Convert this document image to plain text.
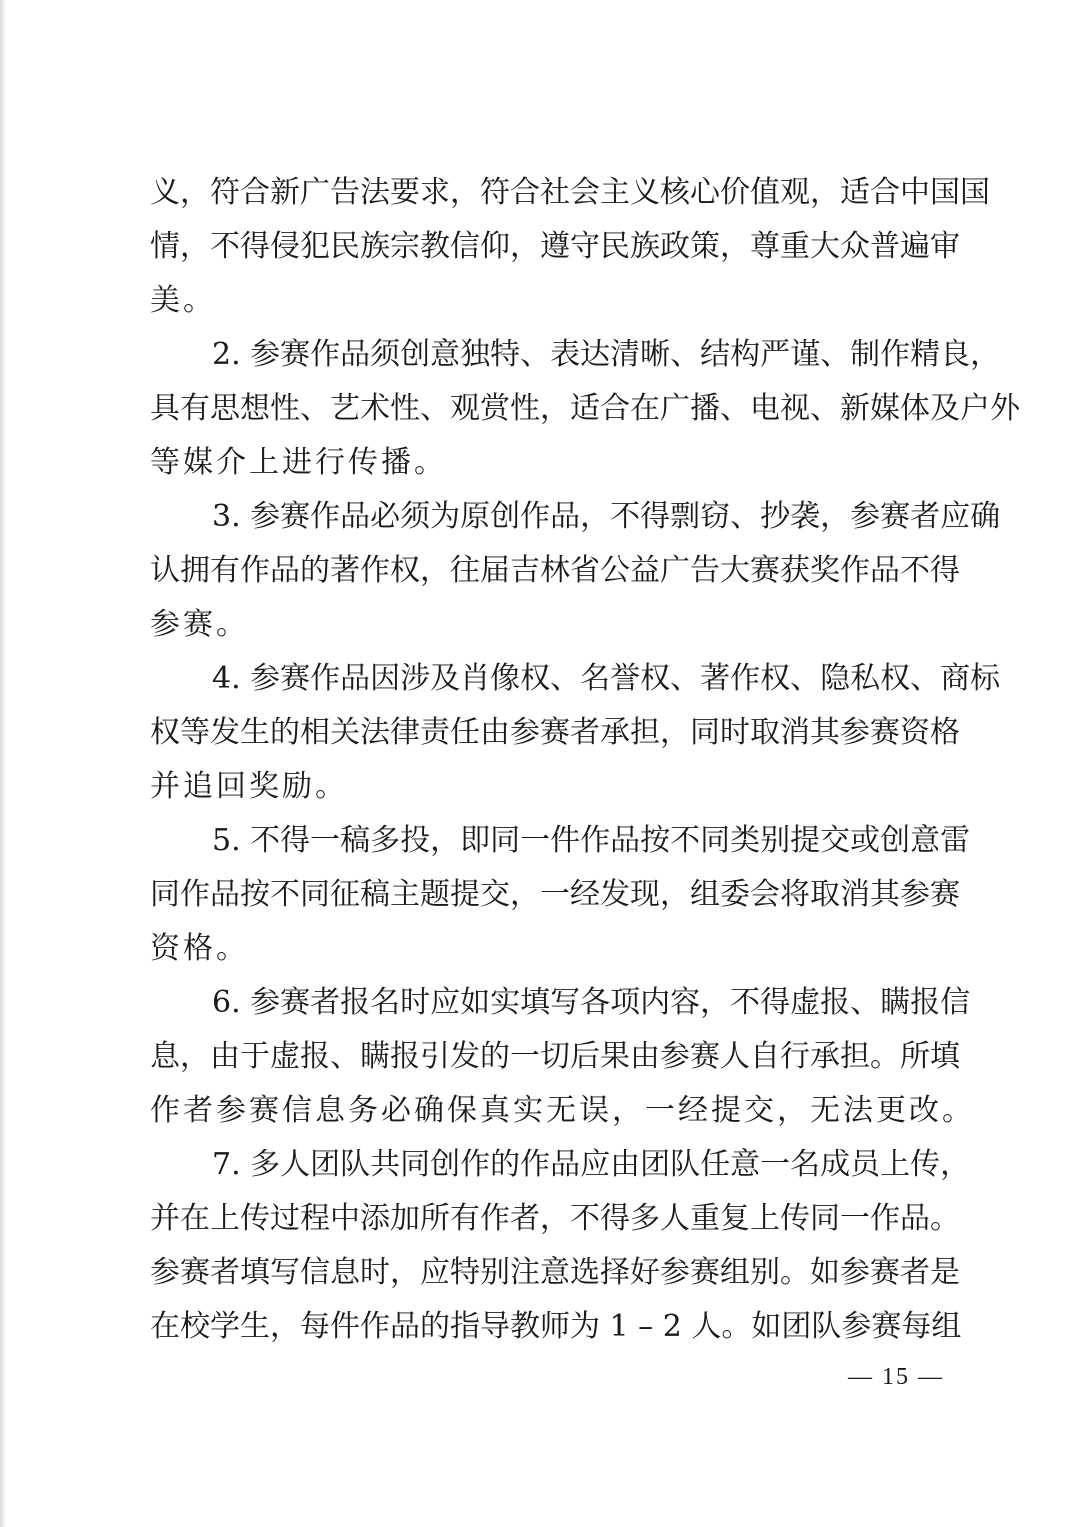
义，符合新广告法要求，符合社会主义核心价值观，适合中国国
情，不得侵犯民族宗教信仰，遵守民族政策，尊重大众普遍审
美。
2. 参赛作品须创意独特、表达清晰、结构严谨、制作精良，
具有思想性、艺术性、观赏性，适合在广播、电视、新媒体及户外
等媒介上进行传播。
3. 参赛作品必须为原创作品，不得剽窃、抄袭，参赛者应确
认拥有作品的著作权，往届吉林省公益广告大赛获奖作品不得
参赛。
4. 参赛作品因涉及肖像权、名誉权、著作权、隐私权、商标
权等发生的相关法律责任由参赛者承担，同时取消其参赛资格
并追回奖励。
5. 不得一稿多投，即同一件作品按不同类别提交或创意雷
同作品按不同征稿主题提交，一经发现，组委会将取消其参赛
资格。
6. 参赛者报名时应如实填写各项内容，不得虚报、瞒报信
息，由于虚报、瞒报引发的一切后果由参赛人自行承担。所填
作者参赛信息务必确保真实无误，一经提交，无法更改。
7. 多人团队共同创作的作品应由团队任意一名成员上传，
并在上传过程中添加所有作者，不得多人重复上传同一作品。
参赛者填写信息时，应特别注意选择好参赛组别。如参赛者是
在校学生，每件作品的指导教师为 1 – 2 人。如团队参赛每组
— 15 —
